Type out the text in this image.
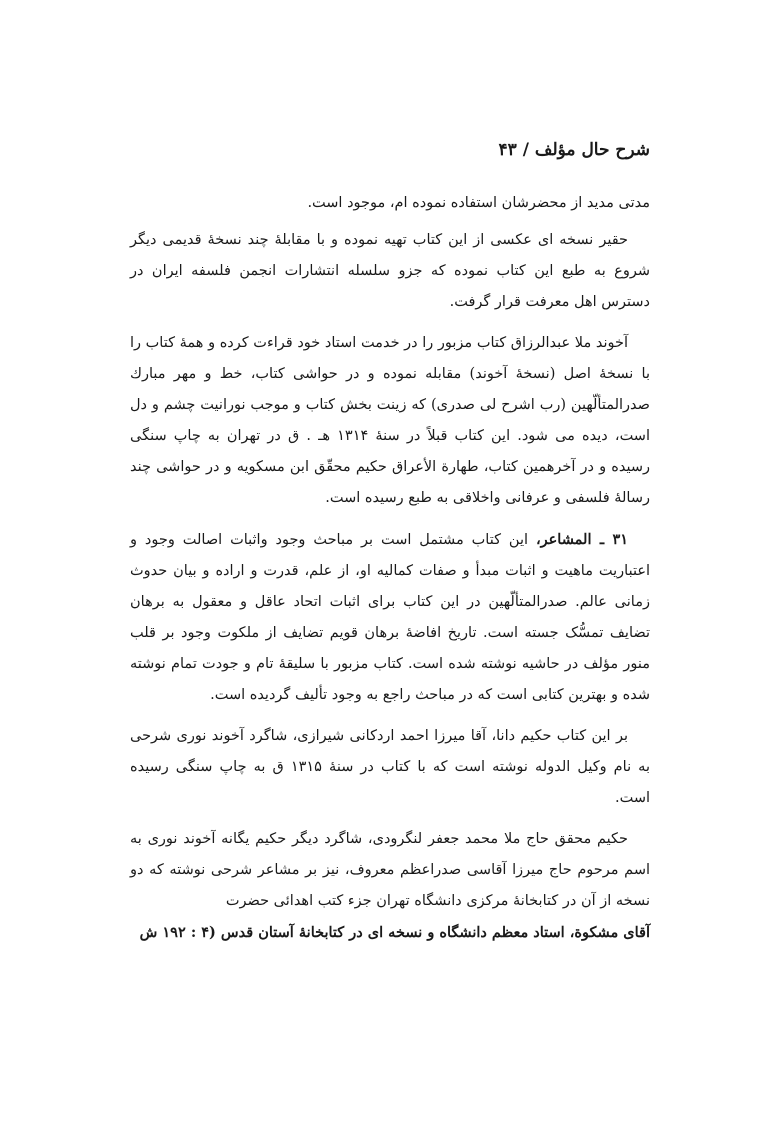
شرح حال مؤلف / ۴۳

مدتی مدید از محضرشان استفاده نموده ام، موجود است.

حقیر نسخه ای عکسی از این کتاب تهیه نموده و با مقابلهٔ چند نسخهٔ قدیمی دیگر شروع به طبع این کتاب نموده که جزو سلسله انتشارات انجمن فلسفه ایران در دسترس اهل معرفت قرار گرفت.

آخوند ملا عبدالرزاق کتاب مزبور را در خدمت استاد خود قراءت کرده و همهٔ کتاب را با نسخهٔ اصل (نسخهٔ آخوند) مقابله نموده و در حواشی کتاب، خط و مهر مبارك صدرالمتألّهین (رب اشرح لی صدری) که زینت بخش کتاب و موجب نورانیت چشم و دل است، دیده می شود. این کتاب قبلاً در سنهٔ ۱۳۱۴ هـ . ق در تهران به چاپ سنگی رسیده و در آخرهمین کتاب، طهارة الأعراق حکیم محقّق ابن مسکویه و در حواشی چند رسالهٔ فلسفی و عرفانی واخلاقی به طبع رسیده است.

۳۱ ـ المشاعر، این کتاب مشتمل است بر مباحث وجود واثبات اصالت وجود و اعتباریت ماهیت و اثبات مبدأ و صفات کمالیه او، از علم، قدرت و اراده و بیان حدوث زمانی عالم. صدرالمتألّهین در این کتاب برای اثبات اتحاد عاقل و معقول به برهان تضایف تمسُّک جسته است. تاریخ افاضهٔ برهان قویم تضایف از ملکوت وجود بر قلب منور مؤلف در حاشیه نوشته شده است. کتاب مزبور با سلیقهٔ تام و جودت تمام نوشته شده و بهترین کتابی است که در مباحث راجع به وجود تألیف گردیده است.

بر این کتاب حکیم دانا، آقا میرزا احمد اردکانی شیرازی، شاگرد آخوند نوری شرحی به نام وکیل الدوله نوشته است که با کتاب در سنهٔ ۱۳۱۵ ق به چاپ سنگی رسیده است.

حکیم محقق حاج ملا محمد جعفر لنگرودی، شاگرد دیگر حکیم یگانه آخوند نوری به اسم مرحوم حاج میرزا آقاسی صدراعظم معروف، نیز بر مشاعر شرحی نوشته که دو نسخه از آن در کتابخانهٔ مرکزی دانشگاه تهران جزء کتب اهدائی حضرت

آقای مشکوة، استاد معظم دانشگاه و نسخه ای در کتابخانهٔ آستان قدس (۴ : ۱۹۲ ش
